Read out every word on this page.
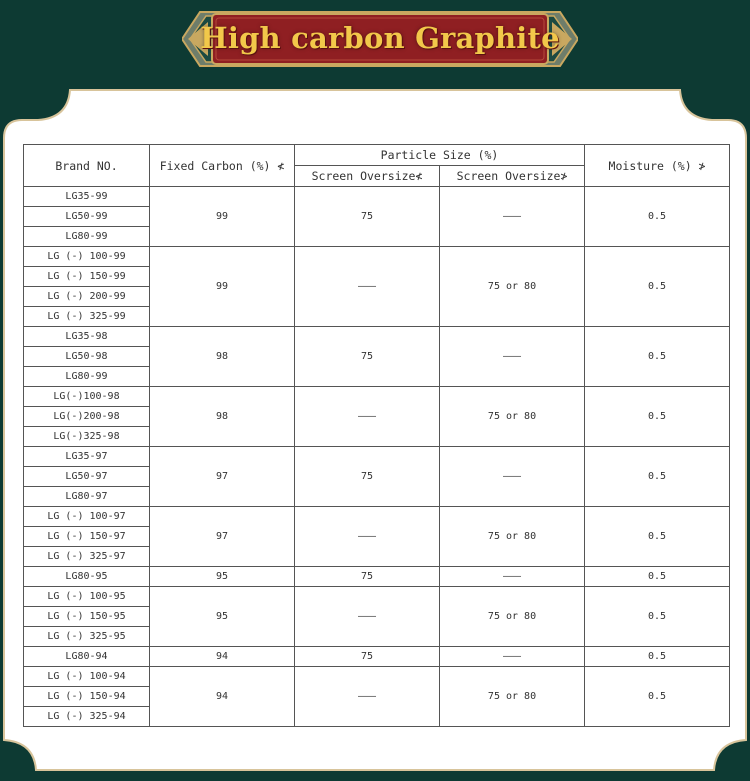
High carbon Graphite
Brand NO.	Fixed Carbon (%) ≮	Particle Size (%)		Moisture (%) ≯
		Screen Oversize≮	Screen Oversize≯	
LG35-99	99	75	———	0.5
LG50-99				
LG80-99				
LG (-) 100-99	99	———	75 or 80	0.5
LG (-) 150-99				
LG (-) 200-99				
LG (-) 325-99				
LG35-98	98	75	———	0.5
LG50-98				
LG80-99				
LG(-)100-98	98	———	75 or 80	0.5
LG(-)200-98				
LG(-)325-98				
LG35-97	97	75	———	0.5
LG50-97				
LG80-97				
LG (-) 100-97	97	———	75 or 80	0.5
LG (-) 150-97				
LG (-) 325-97				
LG80-95	95	75	———	0.5
LG (-) 100-95	95	———	75 or 80	0.5
LG (-) 150-95				
LG (-) 325-95				
LG80-94	94	75	———	0.5
LG (-) 100-94	94	———	75 or 80	0.5
LG (-) 150-94				
LG (-) 325-94				
